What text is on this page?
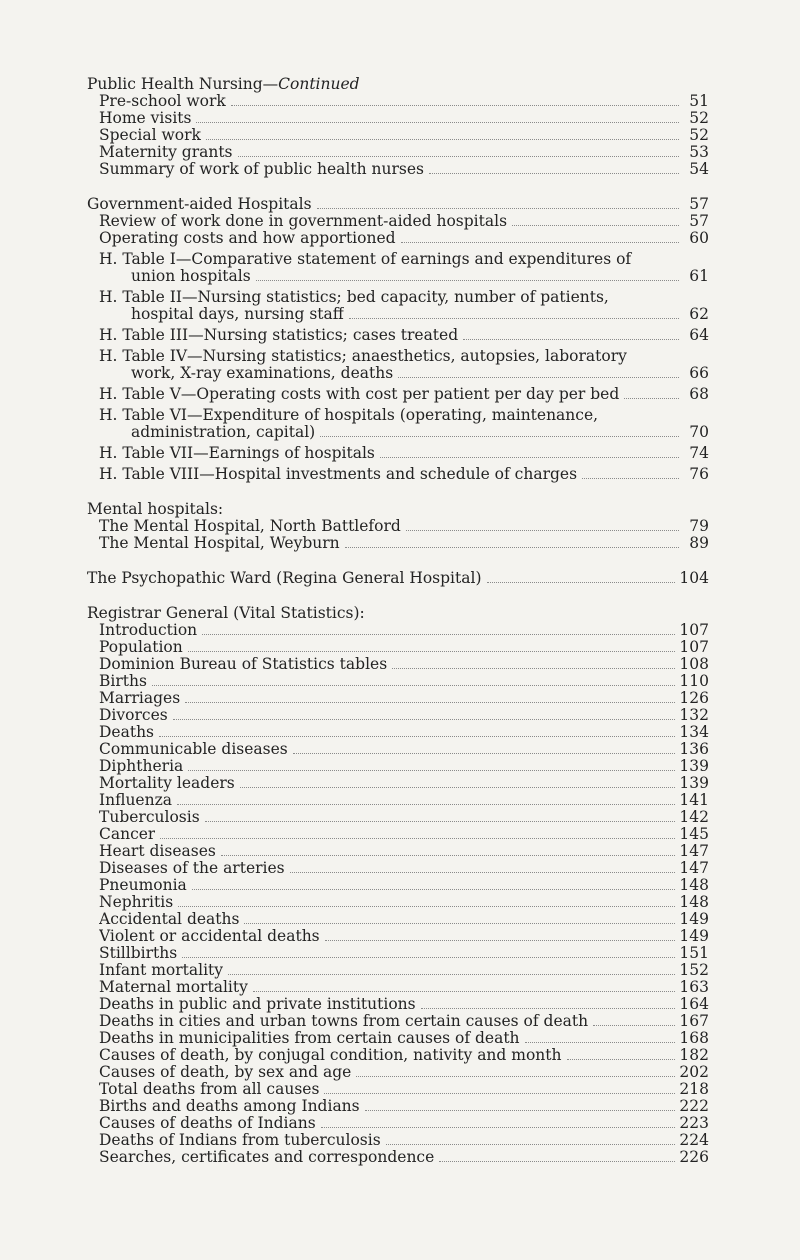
Public Health Nursing—Continued
Pre-school work	51
Home visits	52
Special work	52
Maternity grants	53
Summary of work of public health nurses	54
Government-aided Hospitals	57
Review of work done in government-aided hospitals	57
Operating costs and how apportioned	60
H. Table I—Comparative statement of earnings and expenditures of
union hospitals	61
H. Table II—Nursing statistics; bed capacity, number of patients,
hospital days, nursing staff	62
H. Table III—Nursing statistics; cases treated	64
H. Table IV—Nursing statistics; anaesthetics, autopsies, laboratory
work, X-ray examinations, deaths	66
H. Table V—Operating costs with cost per patient per day per bed	68
H. Table VI—Expenditure of hospitals (operating, maintenance,
administration, capital)	70
H. Table VII—Earnings of hospitals	74
H. Table VIII—Hospital investments and schedule of charges	76
Mental hospitals:
The Mental Hospital, North Battleford	79
The Mental Hospital, Weyburn	89
The Psychopathic Ward (Regina General Hospital)	104
Registrar General (Vital Statistics):
Introduction	107
Population	107
Dominion Bureau of Statistics tables	108
Births	110
Marriages	126
Divorces	132
Deaths	134
Communicable diseases	136
Diphtheria	139
Mortality leaders	139
Influenza	141
Tuberculosis	142
Cancer	145
Heart diseases	147
Diseases of the arteries	147
Pneumonia	148
Nephritis	148
Accidental deaths	149
Violent or accidental deaths	149
Stillbirths	151
Infant mortality	152
Maternal mortality	163
Deaths in public and private institutions	164
Deaths in cities and urban towns from certain causes of death	167
Deaths in municipalities from certain causes of death	168
Causes of death, by conjugal condition, nativity and month	182
Causes of death, by sex and age	202
Total deaths from all causes	218
Births and deaths among Indians	222
Causes of deaths of Indians	223
Deaths of Indians from tuberculosis	224
Searches, certificates and correspondence	226
